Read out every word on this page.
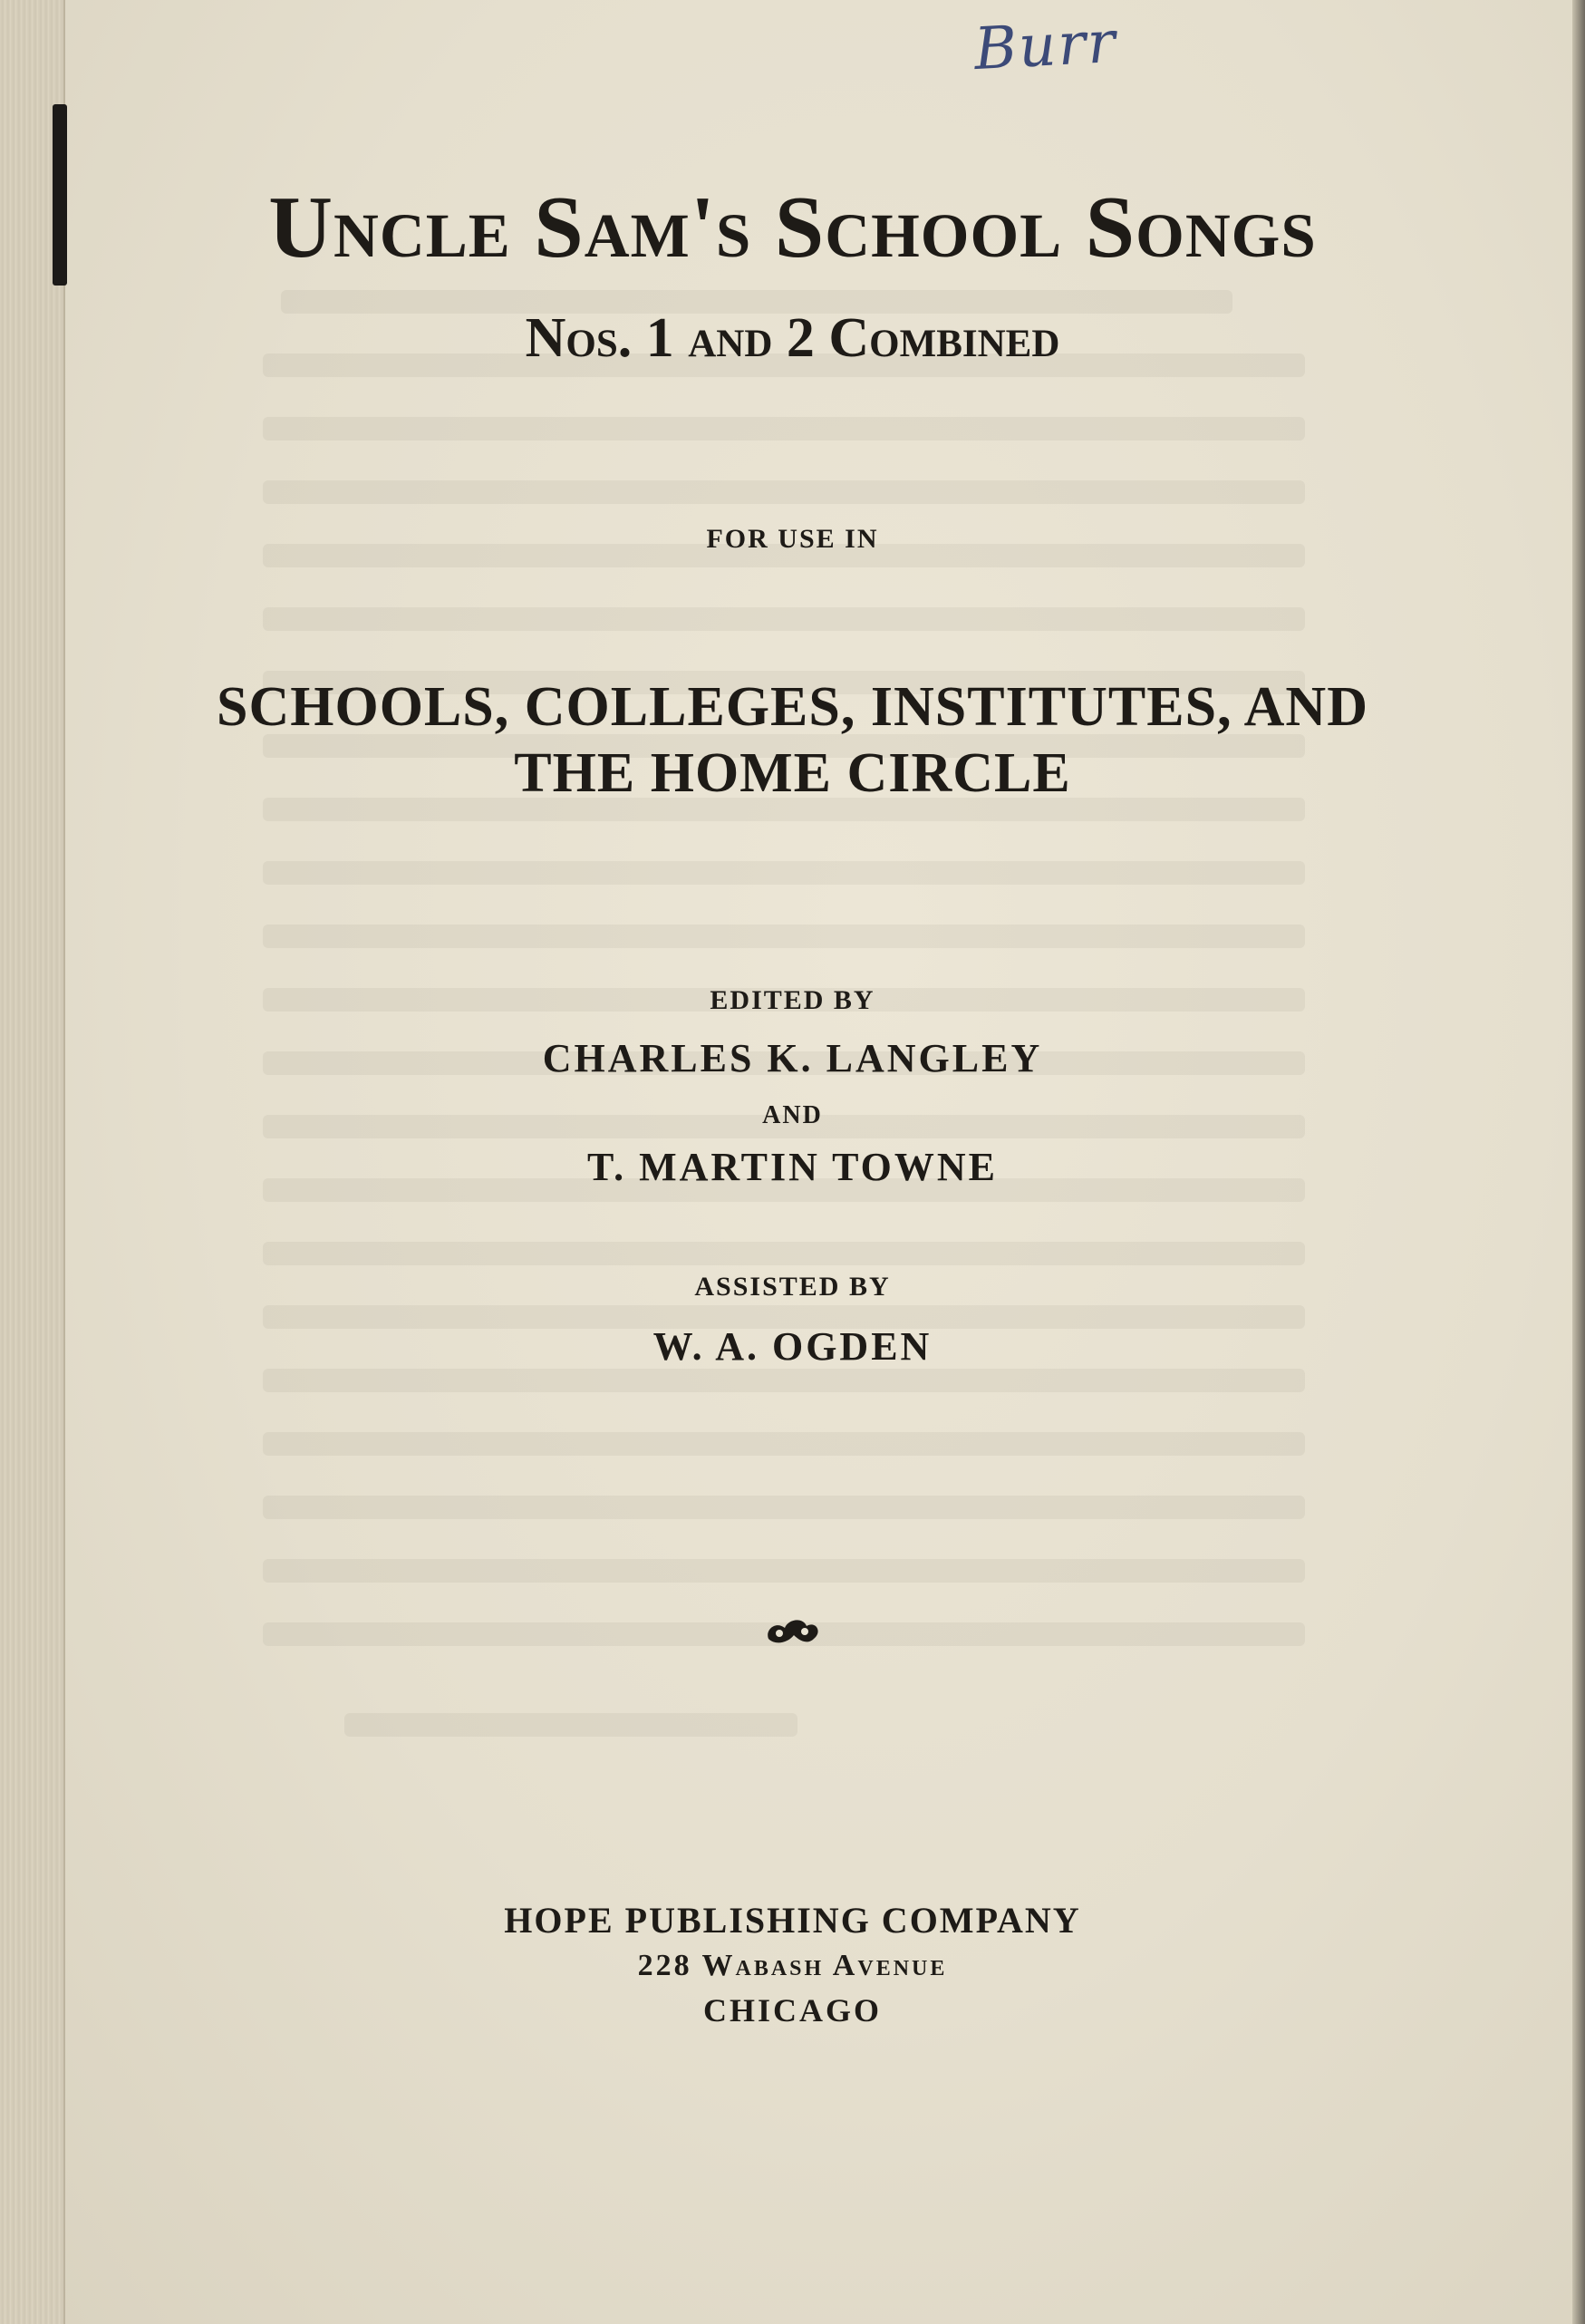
Burr
Uncle Sam's School Songs
Nos. 1 and 2 Combined
FOR USE IN
SCHOOLS, COLLEGES, INSTITUTES, AND
THE HOME CIRCLE
EDITED BY
CHARLES K. LANGLEY
AND
T. MARTIN TOWNE
ASSISTED BY
W. A. OGDEN
HOPE PUBLISHING COMPANY
228 Wabash Avenue
CHICAGO
